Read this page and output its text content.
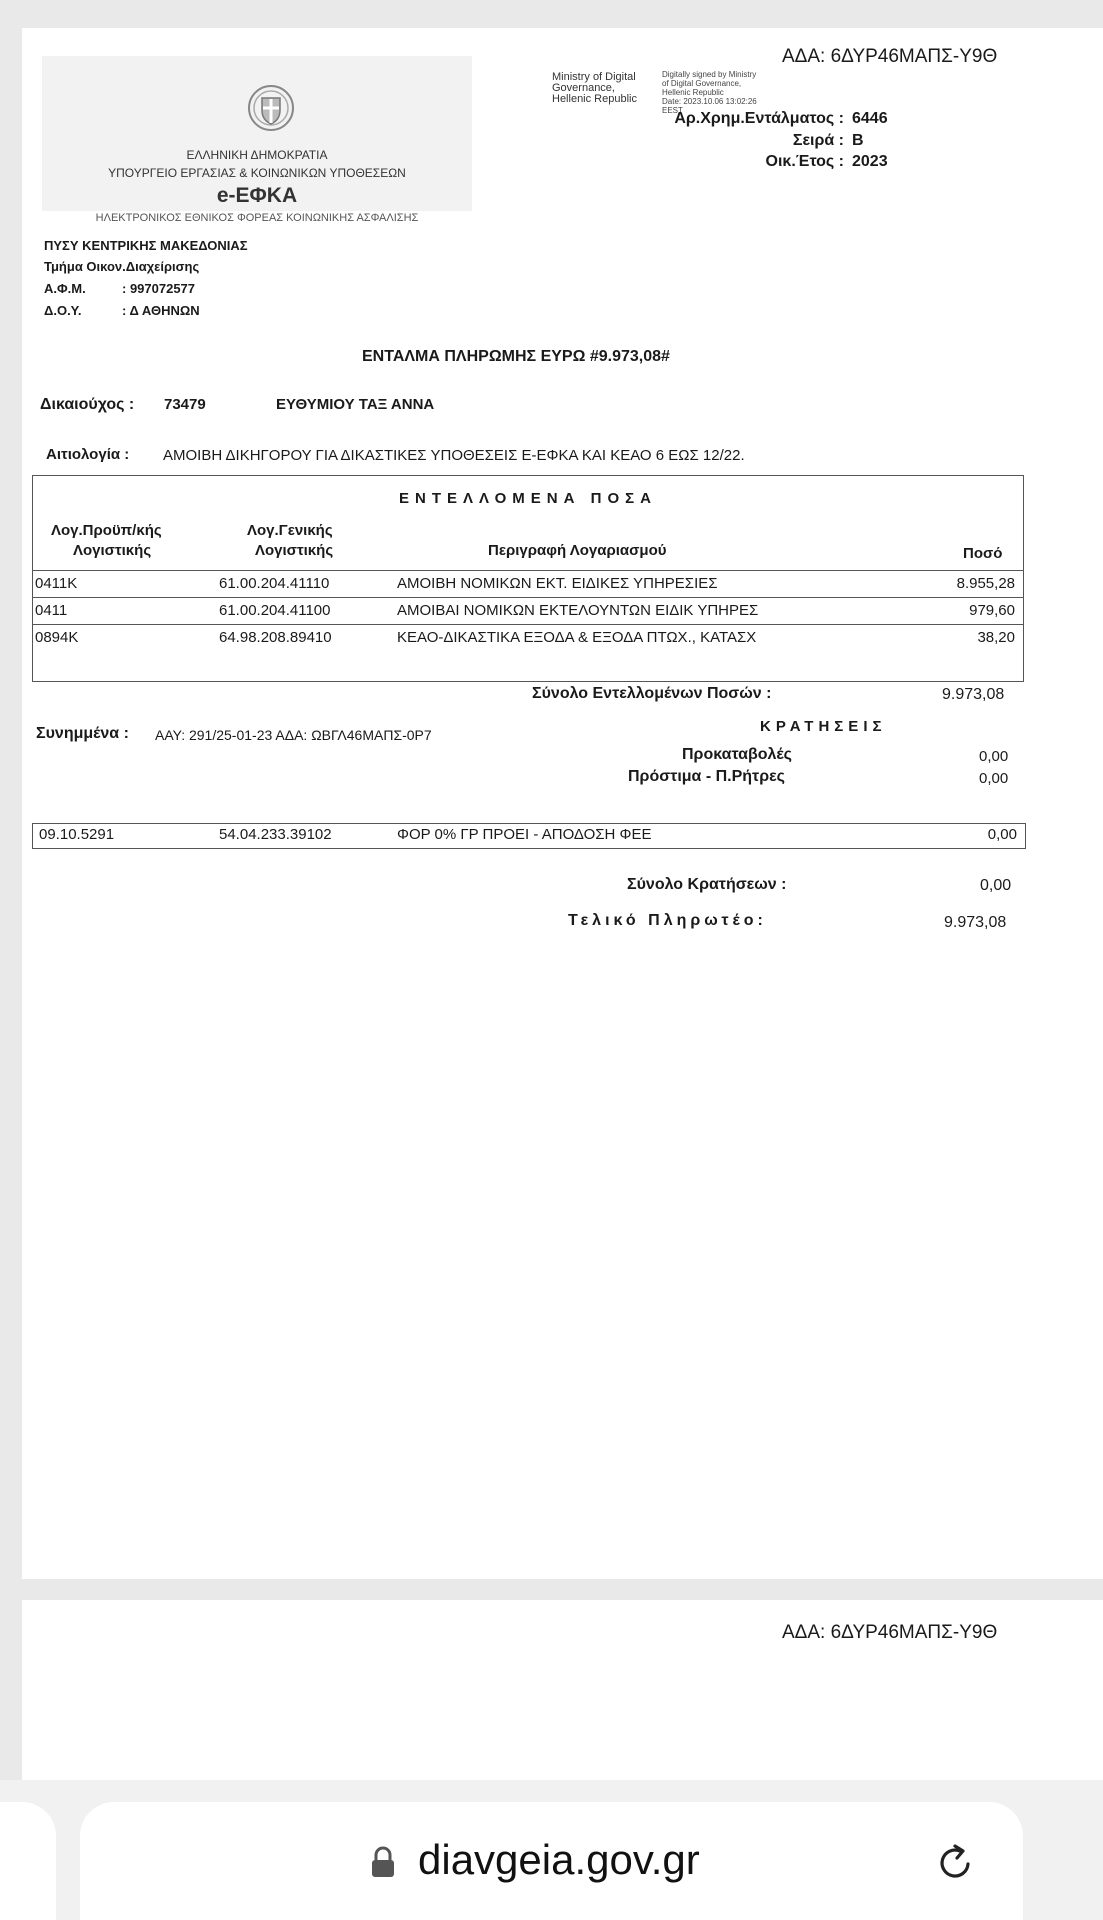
ΑΔΑ: 6ΔΥΡ46ΜΑΠΣ-Υ9Θ
ΕΛΛΗΝΙΚΗ ΔΗΜΟΚΡΑΤΙΑ
ΥΠΟΥΡΓΕΙΟ ΕΡΓΑΣΙΑΣ & ΚΟΙΝΩΝΙΚΩΝ ΥΠΟΘΕΣΕΩΝ
e-ΕΦΚΑ
ΗΛΕΚΤΡΟΝΙΚΟΣ ΕΘΝΙΚΟΣ ΦΟΡΕΑΣ ΚΟΙΝΩΝΙΚΗΣ ΑΣΦΑΛΙΣΗΣ
Ministry of Digital
Governance,
Hellenic Republic
Digitally signed by Ministry
of Digital Governance,
Hellenic Republic
Date: 2023.10.06 13:02:26
EEST
Αρ.Χρημ.Εντάλματος : 6446
Σειρά : Β
Οικ.Έτος : 2023
ΠΥΣΥ ΚΕΝΤΡΙΚΗΣ ΜΑΚΕΔΟΝΙΑΣ
Τμήμα Οικον.Διαχείρισης
Α.Φ.Μ.	: 997072577
Δ.Ο.Υ.	: Δ ΑΘΗΝΩΝ
ΕΝΤΑΛΜΑ ΠΛΗΡΩΜΗΣ ΕΥΡΩ #9.973,08#
Δικαιούχος : 73479	ΕΥΘΥΜΙΟΥ ΤΑΞ ΑΝΝΑ
Αιτιολογία : ΑΜΟΙΒΗ ΔΙΚΗΓΟΡΟΥ ΓΙΑ ΔΙΚΑΣΤΙΚΕΣ ΥΠΟΘΕΣΕΙΣ Ε-ΕΦΚΑ ΚΑΙ ΚΕΑΟ 6 ΕΩΣ 12/22.
ΕΝΤΕΛΛΟΜΕΝΑ ΠΟΣΑ
Λογ.Προϋπ/κής
Λογιστικής
Λογ.Γενικής
Λογιστικής	Περιγραφή Λογαριασμού	Ποσό
0411Κ	61.00.204.41110	ΑΜΟΙΒΗ ΝΟΜΙΚΩΝ ΕΚΤ. ΕΙΔΙΚΕΣ ΥΠΗΡΕΣΙΕΣ	8.955,28
0411	61.00.204.41100	ΑΜΟΙΒΑΙ ΝΟΜΙΚΩΝ ΕΚΤΕΛΟΥΝΤΩΝ ΕΙΔΙΚ ΥΠΗΡΕΣ	979,60
0894Κ	64.98.208.89410	ΚΕΑΟ-ΔΙΚΑΣΤΙΚΑ ΕΞΟΔΑ & ΕΞΟΔΑ ΠΤΩΧ., ΚΑΤΑΣΧ	38,20
Σύνολο Εντελλομένων Ποσών :	9.973,08
Συνημμένα : ΑΑΥ: 291/25-01-23 ΑΔΑ: ΩΒΓΛ46ΜΑΠΣ-0Ρ7	ΚΡΑΤΗΣΕΙΣ
Προκαταβολές	0,00
Πρόστιμα - Π.Ρήτρες	0,00
09.10.5291	54.04.233.39102	ΦΟΡ 0% ΓΡ ΠΡΟΕΙ - ΑΠΟΔΟΣΗ ΦΕΕ	0,00
Σύνολο Κρατήσεων :	0,00
Τελικό Πληρωτέο:	9.973,08
ΑΔΑ: 6ΔΥΡ46ΜΑΠΣ-Υ9Θ
diavgeia.gov.gr
